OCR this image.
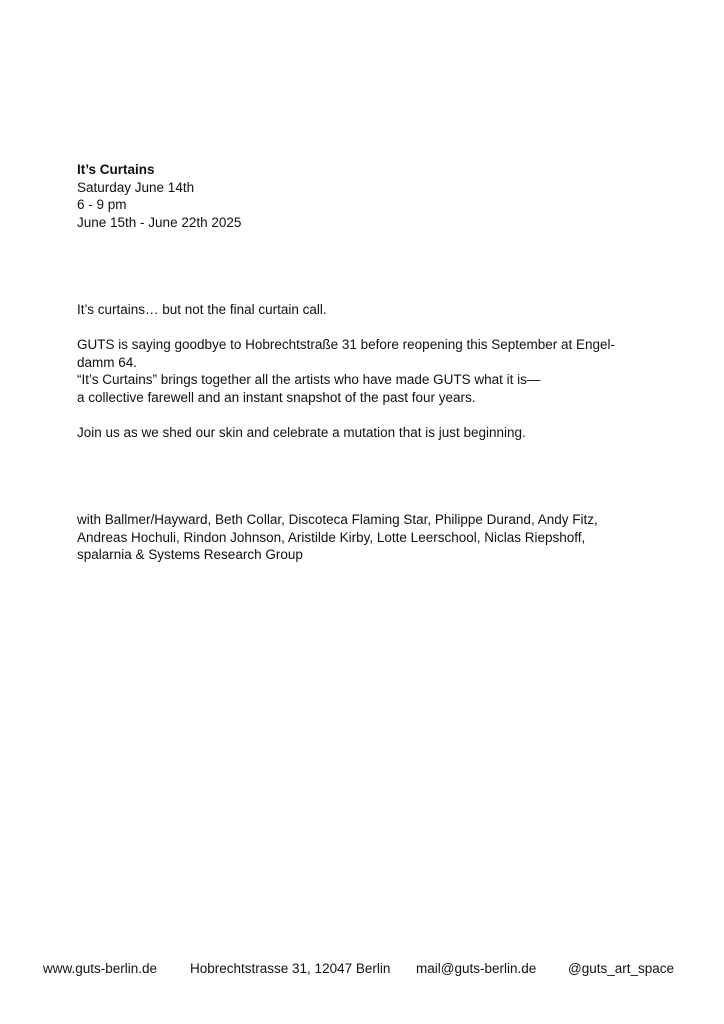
It’s Curtains
Saturday June 14th
6 - 9 pm
June 15th - June 22th 2025

It’s curtains… but not the final curtain call.

GUTS is saying goodbye to Hobrechtstraße 31 before reopening this September at Engel-

damm 64.

“It’s Curtains” brings together all the artists who have made GUTS what it is—

a collective farewell and an instant snapshot of the past four years.

Join us as we shed our skin and celebrate a mutation that is just beginning.

with Ballmer/Hayward, Beth Collar, Discoteca Flaming Star, Philippe Durand, Andy Fitz,
Andreas Hochuli, Rindon Johnson, Aristilde Kirby, Lotte Leerschool, Niclas Riepshoff,
spalarnia & Systems Research Group
www.guts-berlin.de Hobrechtstrasse 31, 12047 Berlin mail@guts-berlin.de @guts_art_space
